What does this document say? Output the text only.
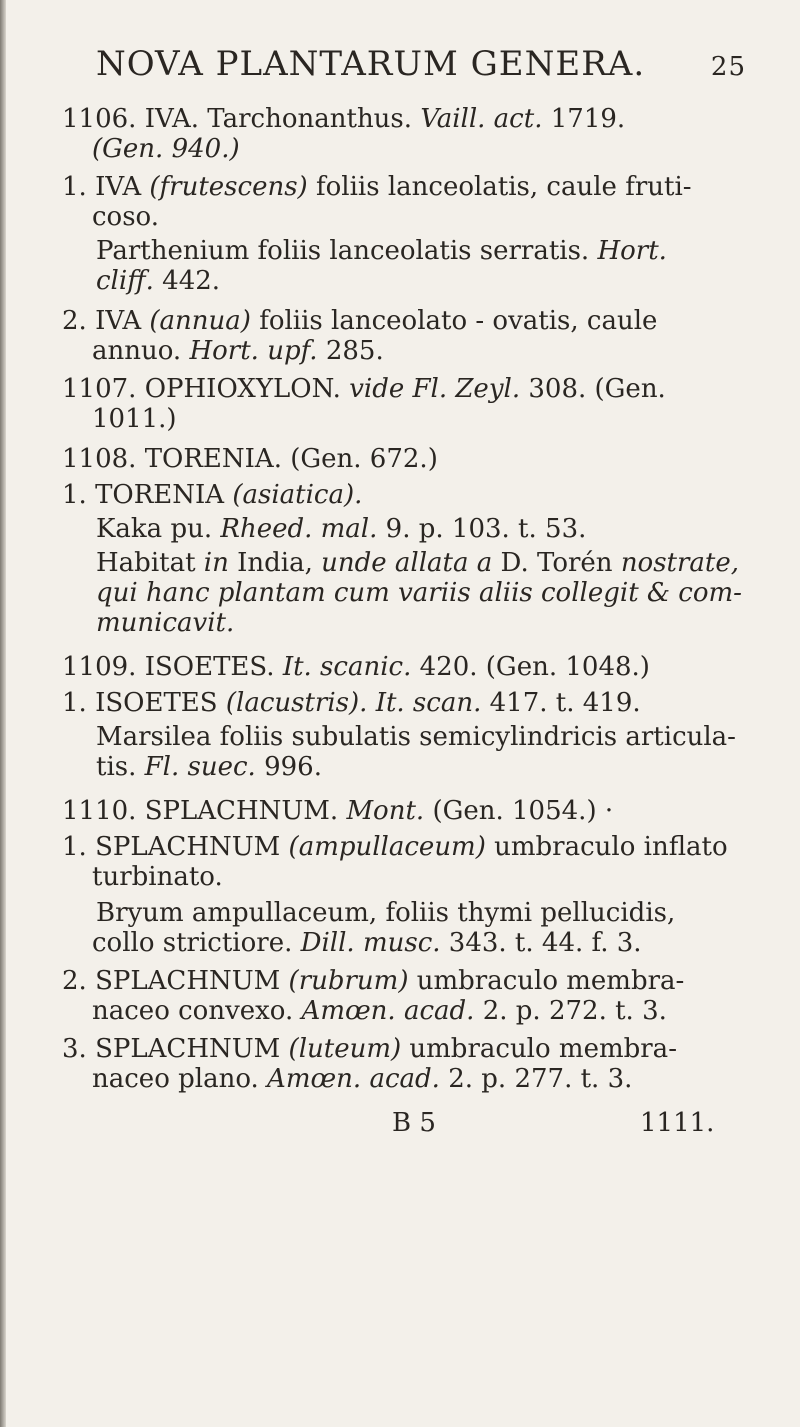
NOVA PLANTARUM GENERA.	25
1106. IVA. Tarchonanthus. Vaill. act. 1719.
(Gen. 940.)
1. IVA (frutescens) foliis lanceolatis, caule fruti-
coso.
Parthenium foliis lanceolatis serratis. Hort.
cliff. 442.
2. IVA (annua) foliis lanceolato - ovatis, caule
annuo. Hort. upf. 285.
1107. OPHIOXYLON. vide Fl. Zeyl. 308. (Gen.
1011.)
1108. TORENIA. (Gen. 672.)
1. TORENIA (asiatica).
Kaka pu. Rheed. mal. 9. p. 103. t. 53.
Habitat in India, unde allata a D. Torén nostrate,
qui hanc plantam cum variis aliis collegit & com-
municavit.
1109. ISOETES. It. scanic. 420. (Gen. 1048.)
1. ISOETES (lacustris). It. scan. 417. t. 419.
Marsilea foliis subulatis semicylindricis articula-
tis. Fl. suec. 996.
1110. SPLACHNUM. Mont. (Gen. 1054.) ·
1. SPLACHNUM (ampullaceum) umbraculo inflato
turbinato.
Bryum ampullaceum, foliis thymi pellucidis,
collo strictiore. Dill. musc. 343. t. 44. f. 3.
2. SPLACHNUM (rubrum) umbraculo membra-
naceo convexo. Amœn. acad. 2. p. 272. t. 3.
3. SPLACHNUM (luteum) umbraculo membra-
naceo plano. Amœn. acad. 2. p. 277. t. 3.
B 5	1111.
